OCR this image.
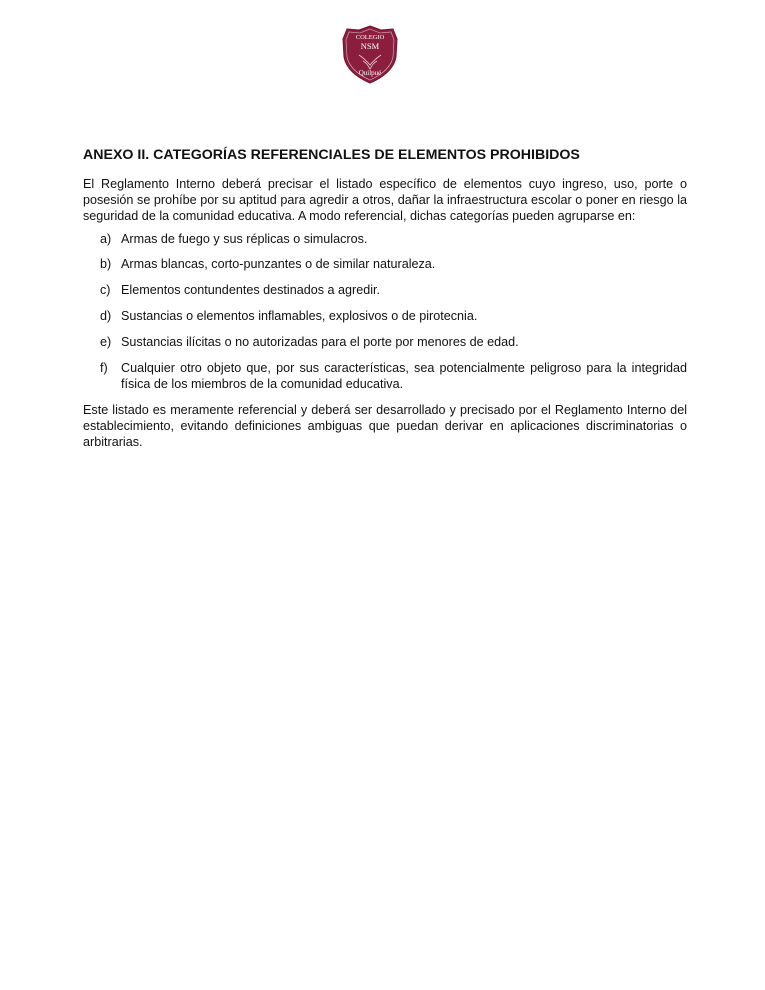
COLEGIO
NSM
Quilpué
ANEXO II. CATEGORÍAS REFERENCIALES DE ELEMENTOS PROHIBIDOS

El Reglamento Interno deberá precisar el listado específico de elementos cuyo ingreso, uso, porte o posesión se prohíbe por su aptitud para agredir a otros, dañar la infraestructura escolar o poner en riesgo la seguridad de la comunidad educativa. A modo referencial, dichas categorías pueden agruparse en:

a) Armas de fuego y sus réplicas o simulacros.
b) Armas blancas, corto-punzantes o de similar naturaleza.
c) Elementos contundentes destinados a agredir.
d) Sustancias o elementos inflamables, explosivos o de pirotecnia.
e) Sustancias ilícitas o no autorizadas para el porte por menores de edad.
f) Cualquier otro objeto que, por sus características, sea potencialmente peligroso para la integridad física de los miembros de la comunidad educativa.

Este listado es meramente referencial y deberá ser desarrollado y precisado por el Reglamento Interno del establecimiento, evitando definiciones ambiguas que puedan derivar en aplicaciones discriminatorias o arbitrarias.
